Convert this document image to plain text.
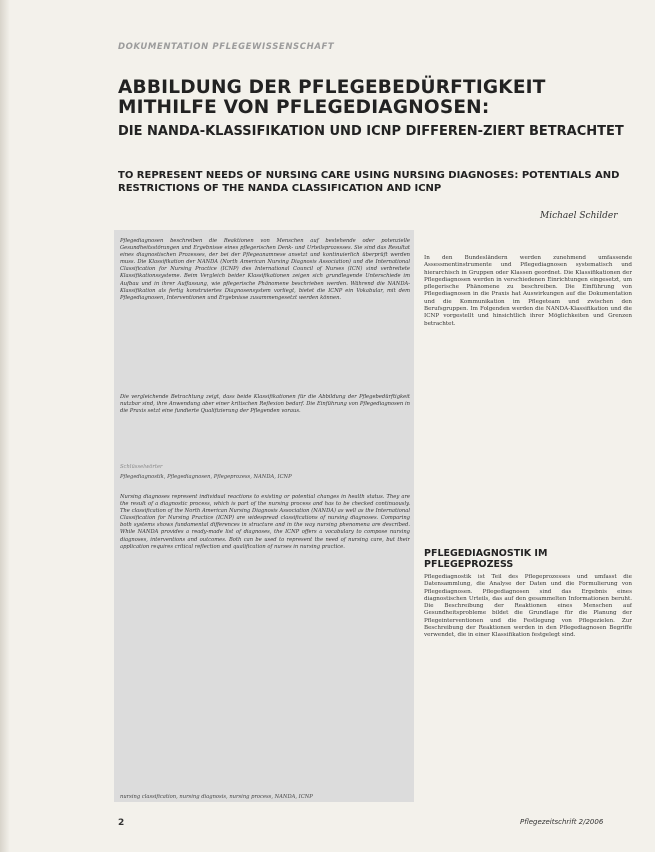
DOKUMENTATION PFLEGEWISSENSCHAFT
ABBILDUNG DER PFLEGEBEDÜRFTIGKEIT MITHILFE VON PFLEGEDIAGNOSEN:
DIE NANDA-KLASSIFIKATION UND ICNP DIFFEREN-ZIERT BETRACHTET
TO REPRESENT NEEDS OF NURSING CARE USING NURSING DIAGNOSES: POTENTIALS AND RESTRICTIONS OF THE NANDA CLASSIFICATION AND ICNP
Michael Schilder
Pflegediagnosen beschreiben die Reaktionen von Menschen auf bestehende oder potenzielle Gesundheitsstörungen und Ergebnisse eines pflegerischen Denk- und Urteilsprozesses. Sie sind das Resultat eines diagnostischen Prozesses, der bei der Pflegeanamnese ansetzt und kontinuierlich überprüft werden muss. Die Klassifikation der NANDA (North American Nursing Diagnosis Association) und die International Classification for Nursing Practice (ICNP) des International Council of Nurses (ICN) sind verbreitete Klassifikationssysteme. Beim Vergleich beider Klassifikationen zeigen sich grundlegende Unterschiede im Aufbau und in ihrer Auffassung, wie pflegerische Phänomene beschrieben werden. Während die NANDA-Klassifikation als fertig konstruiertes Diagnosensystem vorliegt, bietet die ICNP ein Vokabular, mit dem Pflegediagnosen, Interventionen und Ergebnisse zusammengesetzt werden können.
Die vergleichende Betrachtung zeigt, dass beide Klassifikationen für die Abbildung der Pflegebedürftigkeit nutzbar sind, ihre Anwendung aber einer kritischen Reflexion bedarf. Die Einführung von Pflegediagnosen in die Praxis setzt eine fundierte Qualifizierung der Pflegenden voraus.
Schlüsselwörter
Pflegediagnostik, Pflegediagnosen, Pflegeprozess, NANDA, ICNP
Nursing diagnoses represent individual reactions to existing or potential changes in health status. They are the result of a diagnostic process, which is part of the nursing process and has to be checked continuously. The classification of the North American Nursing Diagnosis Association (NANDA) as well as the International Classification for Nursing Practice (ICNP) are widespread classifications of nursing diagnoses. Comparing both systems shows fundamental differences in structure and in the way nursing phenomena are described. While NANDA provides a ready-made list of diagnoses, the ICNP offers a vocabulary to compose nursing diagnoses, interventions and outcomes. Both can be used to represent the need of nursing care, but their application requires critical reflection and qualification of nurses in nursing practice.
nursing classification, nursing diagnosis, nursing process, NANDA, ICNP
In den Bundesländern werden zunehmend umfassende Assessmentinstrumente und Pflegediagnosen systematisch und hierarchisch in Gruppen oder Klassen geordnet. Die Klassifikationen der Pflegediagnosen werden in verschiedenen Einrichtungen eingesetzt, um pflegerische Phänomene zu beschreiben. Die Einführung von Pflegediagnosen in die Praxis hat Auswirkungen auf die Dokumentation und die Kommunikation im Pflegeteam und zwischen den Berufsgruppen. Im Folgenden werden die NANDA-Klassifikation und die ICNP vorgestellt und hinsichtlich ihrer Möglichkeiten und Grenzen betrachtet.
PFLEGEDIAGNOSTIK IM PFLEGEPROZESS
Pflegediagnostik ist Teil des Pflegeprozesses und umfasst die Datensammlung, die Analyse der Daten und die Formulierung von Pflegediagnosen. Pflegediagnosen sind das Ergebnis eines diagnostischen Urteils, das auf den gesammelten Informationen beruht. Die Beschreibung der Reaktionen eines Menschen auf Gesundheitsprobleme bildet die Grundlage für die Planung der Pflegeinterventionen und die Festlegung von Pflegezielen. Zur Beschreibung der Reaktionen werden in den Pflegediagnosen Begriffe verwendet, die in einer Klassifikation festgelegt sind.
2	Pflegezeitschrift 2/2006
